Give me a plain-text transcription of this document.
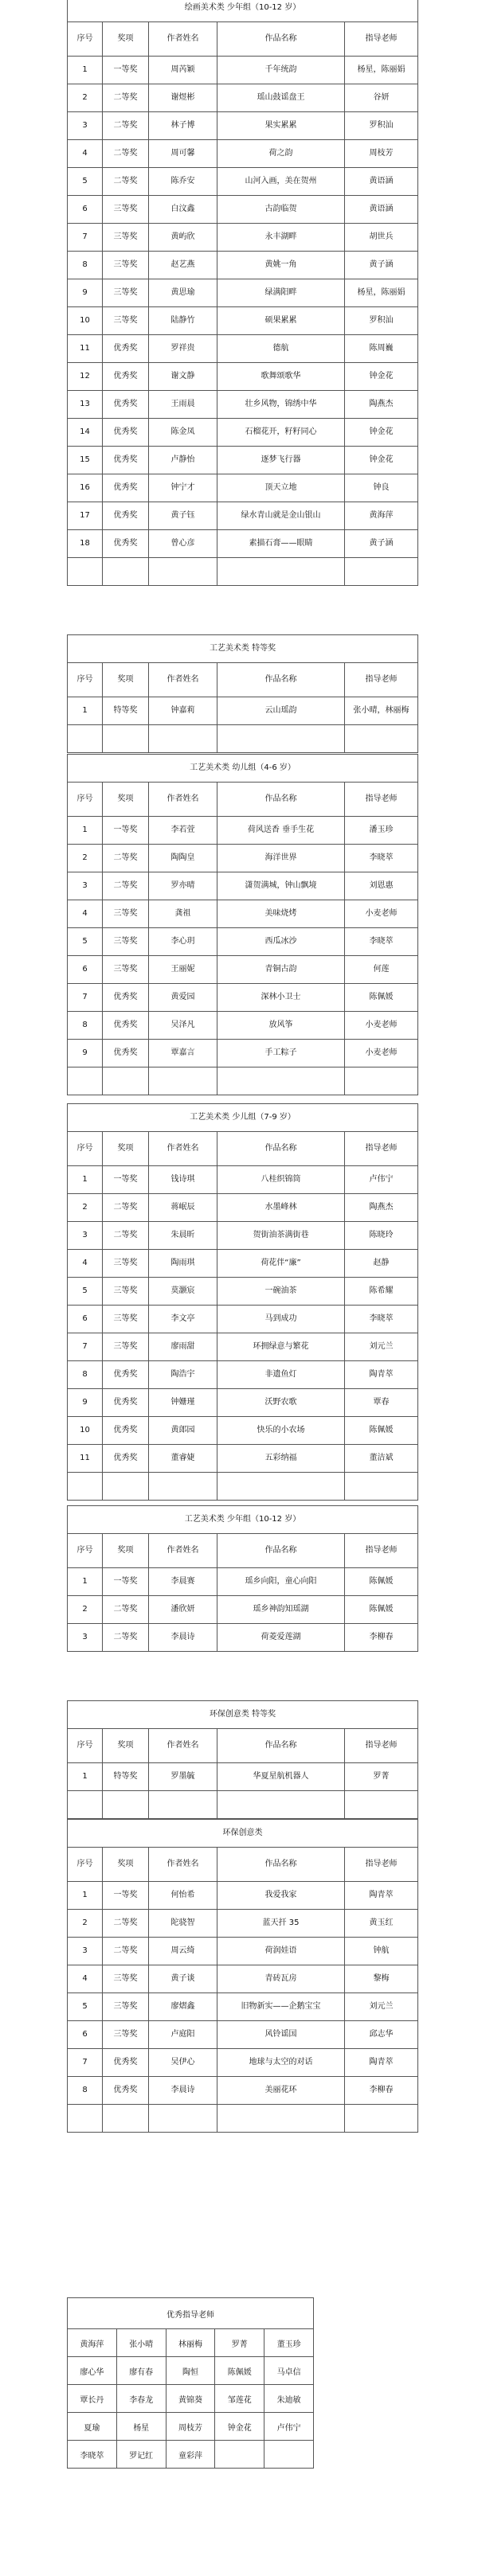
绘画美术类 少年组（10-12 岁）				
序号	奖项	作者姓名	作品名称	指导老师
1	一等奖	周芮颖	千年统韵	杨星，陈丽娟
2	二等奖	谢煜彬	瑶山鼓谣盘王	谷妍
3	二等奖	林子博	果实累累	罗积汕
4	二等奖	周可馨	荷之韵	周枝芳
5	二等奖	陈乔安	山河入画，美在贺州	黄语涵
6	三等奖	白汶鑫	古韵临贺	黄语涵
7	三等奖	黄屿欣	永丰湖畔	胡世兵
8	三等奖	赵艺燕	黄姚一角	黄子涵
9	三等奖	黄思瑜	绿满阳畔	杨星，陈丽娟
10	三等奖	陆静竹	硕果累累	罗积汕
11	优秀奖	罗祥贵	德航	陈周巍
12	优秀奖	谢文静	歌舞颂歌华	钟金花
13	优秀奖	王雨晨	壮乡风物，锦绣中华	陶燕杰
14	优秀奖	陈金凤	石榴花开，籽籽同心	钟金花
15	优秀奖	卢静怡	逐梦飞行器	钟金花
16	优秀奖	钟宁才	顶天立地	钟良
17	优秀奖	黄子钰	绿水青山就是金山银山	黄海萍
18	优秀奖	曾心彦	素描石膏——眼睛	黄子涵

工艺美术类 特等奖				
序号	奖项	作者姓名	作品名称	指导老师
1	特等奖	钟嘉莉	云山瑶韵	张小晴，林丽梅

工艺美术类 幼儿组（4-6 岁）				
序号	奖项	作者姓名	作品名称	指导老师
1	一等奖	李若萱	荷风送香 垂手生花	潘玉珍
2	二等奖	陶陶皇	海洋世界	李晓萃
3	二等奖	罗亦晴	潇贺满城，钟山飘境	刘恩惠
4	三等奖	龚祖	美味烧烤	小麦老师
5	三等奖	李心玥	西瓜冰沙	李晓萃
6	三等奖	王丽妮	青铜古韵	何莲
7	优秀奖	黄爱园	深林小卫士	陈佩媛
8	优秀奖	吴泽凡	放风筝	小麦老师
9	优秀奖	覃嘉言	手工粽子	小麦老师

工艺美术类 少儿组（7-9 岁）				
序号	奖项	作者姓名	作品名称	指导老师
1	一等奖	钱诗琪	八桂织锦筒	卢伟宁
2	二等奖	蒋岷辰	水墨峰林	陶燕杰
3	二等奖	朱晨昕	贺街油茶满街巷	陈晓玲
4	三等奖	陶雨琪	荷花伴“廉”	赵静
5	三等奖	莫灏宸	一碗油茶	陈希耀
6	三等奖	李文亭	马到成功	李晓萃
7	三等奖	廖雨甜	环拥绿意与繁花	刘元兰
8	优秀奖	陶浩宇	非遗鱼灯	陶青萃
9	优秀奖	钟姗瑾	沃野农歌	覃春
10	优秀奖	黄郎园	快乐的小农场	陈佩媛
11	优秀奖	董睿婕	五彩纳福	董洁斌

工艺美术类 少年组（10-12 岁）				
序号	奖项	作者姓名	作品名称	指导老师
1	一等奖	李晨赛	瑶乡向阳，童心向阳	陈佩媛
2	二等奖	潘欣妍	瑶乡神韵知瑶湖	陈佩媛
3	二等奖	李晨诗	荷菱爱莲湖	李柳春
环保创意类 特等奖				
序号	奖项	作者姓名	作品名称	指导老师
1	特等奖	罗墨毓	华夏星航机器人	罗菁

环保创意类				
序号	奖项	作者姓名	作品名称	指导老师
1	一等奖	何怡希	我爱我家	陶青萃
2	二等奖	陀骁智	蓝天扞 35	黄玉红
3	二等奖	周云绮	荷润娃语	钟航
4	三等奖	黄子谈	青砖瓦房	黎梅
5	三等奖	廖熠鑫	旧物新实——企鹅宝宝	刘元兰
6	三等奖	卢庭阳	风铃谣国	邱志华
7	优秀奖	吴伊心	地球与太空的对话	陶青萃
8	优秀奖	李晨诗	美丽花环	李柳春

优秀指导老师				
黄海萍	张小晴	林丽梅	罗菁	董玉珍
廖心华	廖有春	陶恒	陈佩媛	马卓信
覃长丹	李春龙	黄锦葵	邹莲花	朱迪敏
夏瑜	杨星	周枝芳	钟金花	卢伟宁
李晓萃	罗记红	童彩萍		
